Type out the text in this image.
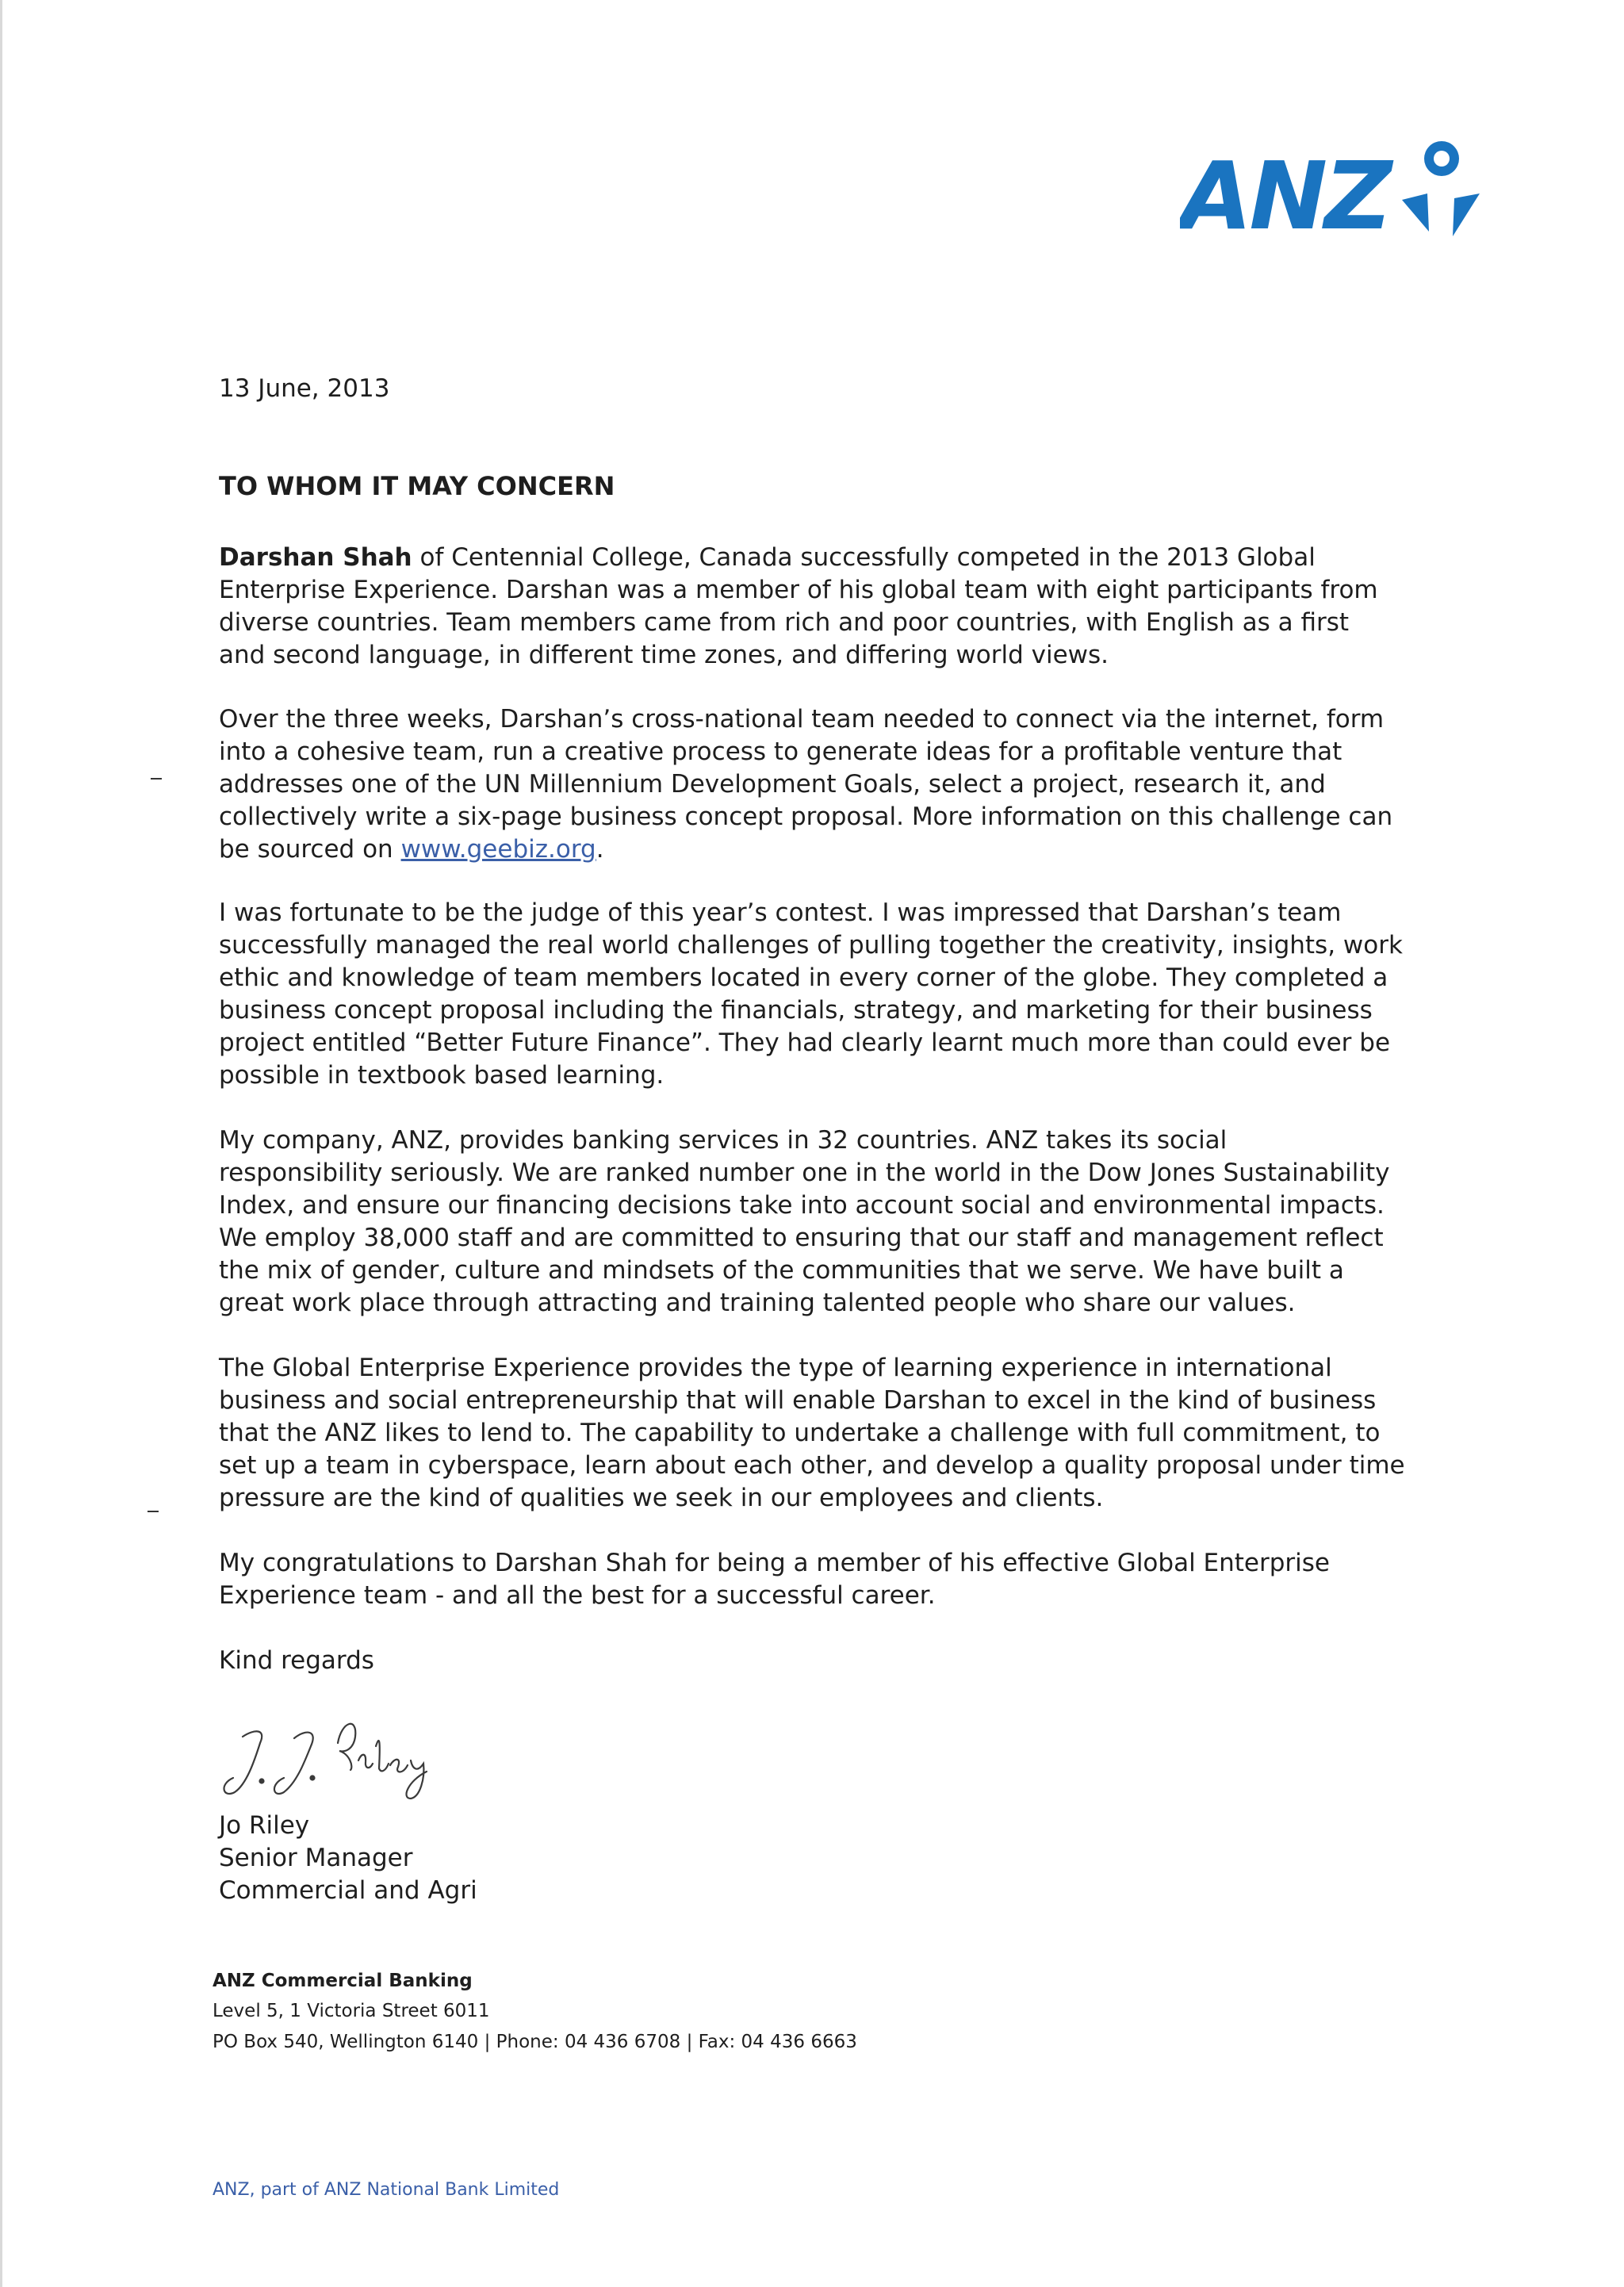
ANZ
13 June, 2013
TO WHOM IT MAY CONCERN

Darshan Shah of Centennial College, Canada successfully competed in the 2013 Global

Enterprise Experience. Darshan was a member of his global team with eight participants from

diverse countries. Team members came from rich and poor countries, with English as a first

and second language, in different time zones, and differing world views.

Over the three weeks, Darshan’s cross-national team needed to connect via the internet, form

into a cohesive team, run a creative process to generate ideas for a profitable venture that

addresses one of the UN Millennium Development Goals, select a project, research it, and

collectively write a six-page business concept proposal. More information on this challenge can

be sourced on www.geebiz.org.

I was fortunate to be the judge of this year’s contest. I was impressed that Darshan’s team

successfully managed the real world challenges of pulling together the creativity, insights, work

ethic and knowledge of team members located in every corner of the globe. They completed a

business concept proposal including the financials, strategy, and marketing for their business

project entitled “Better Future Finance”. They had clearly learnt much more than could ever be

possible in textbook based learning.

My company, ANZ, provides banking services in 32 countries. ANZ takes its social

responsibility seriously. We are ranked number one in the world in the Dow Jones Sustainability

Index, and ensure our financing decisions take into account social and environmental impacts.

We employ 38,000 staff and are committed to ensuring that our staff and management reflect

the mix of gender, culture and mindsets of the communities that we serve. We have built a

great work place through attracting and training talented people who share our values.

The Global Enterprise Experience provides the type of learning experience in international

business and social entrepreneurship that will enable Darshan to excel in the kind of business

that the ANZ likes to lend to. The capability to undertake a challenge with full commitment, to

set up a team in cyberspace, learn about each other, and develop a quality proposal under time

pressure are the kind of qualities we seek in our employees and clients.

My congratulations to Darshan Shah for being a member of his effective Global Enterprise

Experience team - and all the best for a successful career.

Kind regards
Jo Riley
Senior Manager
Commercial and Agri
ANZ Commercial Banking
Level 5, 1 Victoria Street 6011
PO Box 540, Wellington 6140 | Phone: 04 436 6708 | Fax: 04 436 6663
ANZ, part of ANZ National Bank Limited
